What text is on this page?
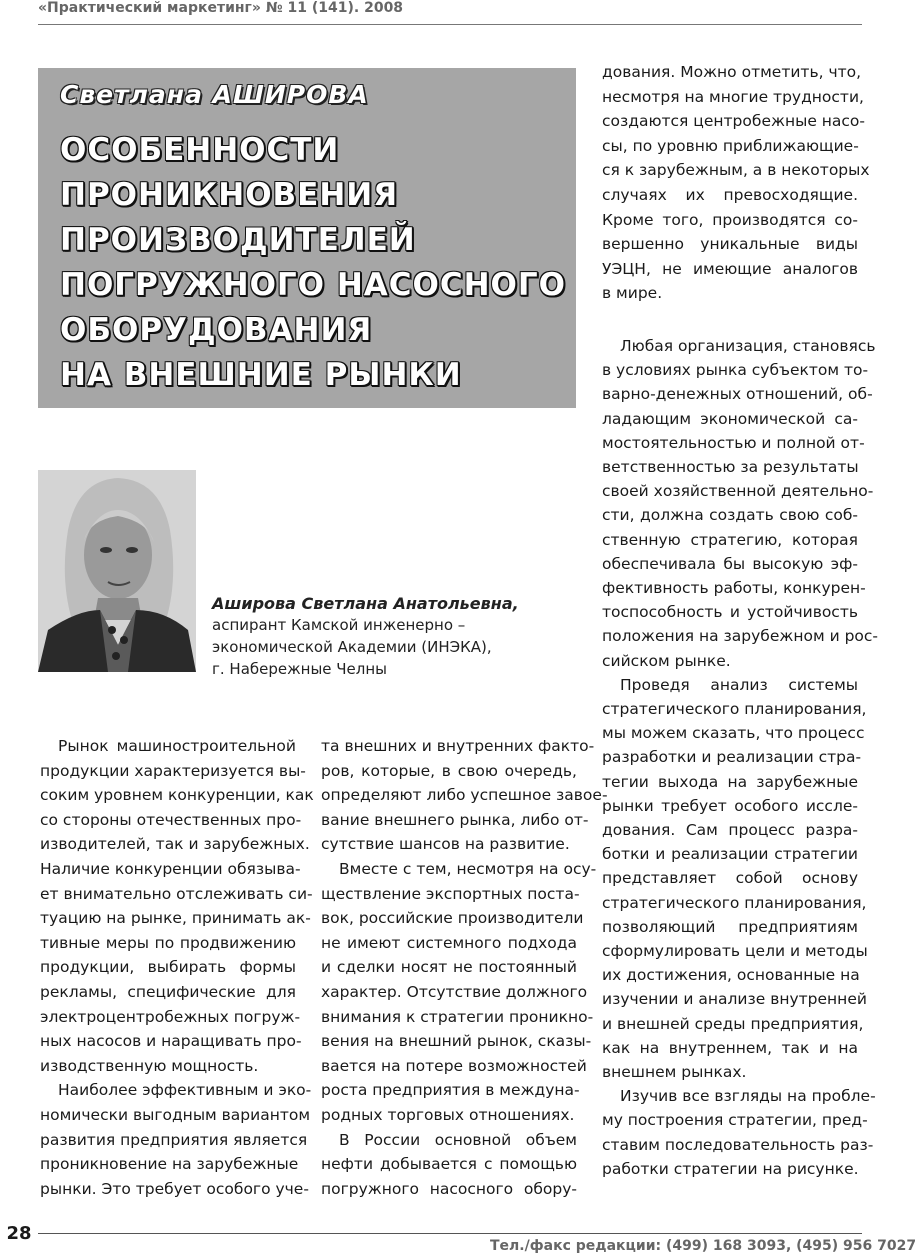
«Практический маркетинг» № 11 (141). 2008
Светлана АШИРОВА
ОСОБЕННОСТИ
ПРОНИКНОВЕНИЯ
ПРОИЗВОДИТЕЛЕЙ
ПОГРУЖНОГО НАСОСНОГО
ОБОРУДОВАНИЯ
НА ВНЕШНИЕ РЫНКИ
Аширова Светлана Анатольевна,
аспирант Камской инженерно –
экономической Академии (ИНЭКА),
г. Набережные Челны
Рынок машиностроительной
продукции характеризуется вы-
соким уровнем конкуренции, как
со стороны отечественных про-
изводителей, так и зарубежных.
Наличие конкуренции обязыва-
ет внимательно отслеживать си-
туацию на рынке, принимать ак-
тивные меры по продвижению
продукции, выбирать формы
рекламы, специфические для
электроцентробежных погруж-
ных насосов и наращивать про-
изводственную мощность.
Наиболее эффективным и эко-
номически выгодным вариантом
развития предприятия является
проникновение на зарубежные
рынки. Это требует особого уче-
та внешних и внутренних факто-
ров, которые, в свою очередь,
определяют либо успешное завое-
вание внешнего рынка, либо от-
сутствие шансов на развитие.
Вместе с тем, несмотря на осу-
ществление экспортных поста-
вок, российские производители
не имеют системного подхода
и сделки носят не постоянный
характер. Отсутствие должного
внимания к стратегии проникно-
вения на внешний рынок, сказы-
вается на потере возможностей
роста предприятия в междуна-
родных торговых отношениях.
В России основной объем
нефти добывается с помощью
погружного насосного обору-
дования. Можно отметить, что,
несмотря на многие трудности,
создаются центробежные насо-
сы, по уровню приближающие-
ся к зарубежным, а в некоторых
случаях их превосходящие.
Кроме того, производятся со-
вершенно уникальные виды
УЭЦН, не имеющие аналогов
в мире.
Любая организация, становясь
в условиях рынка субъектом то-
варно-денежных отношений, об-
ладающим экономической са-
мостоятельностью и полной от-
ветственностью за результаты
своей хозяйственной деятельно-
сти, должна создать свою соб-
ственную стратегию, которая
обеспечивала бы высокую эф-
фективность работы, конкурен-
тоспособность и устойчивость
положения на зарубежном и рос-
сийском рынке.
Проведя анализ системы
стратегического планирования,
мы можем сказать, что процесс
разработки и реализации стра-
тегии выхода на зарубежные
рынки требует особого иссле-
дования. Сам процесс разра-
ботки и реализации стратегии
представляет собой основу
стратегического планирования,
позволяющий предприятиям
сформулировать цели и методы
их достижения, основанные на
изучении и анализе внутренней
и внешней среды предприятия,
как на внутреннем, так и на
внешнем рынках.
Изучив все взгляды на пробле-
му построения стратегии, пред-
ставим последовательность раз-
работки стратегии на рисунке.
28
Тел./факс редакции: (499) 168 3093, (495) 956 7027
